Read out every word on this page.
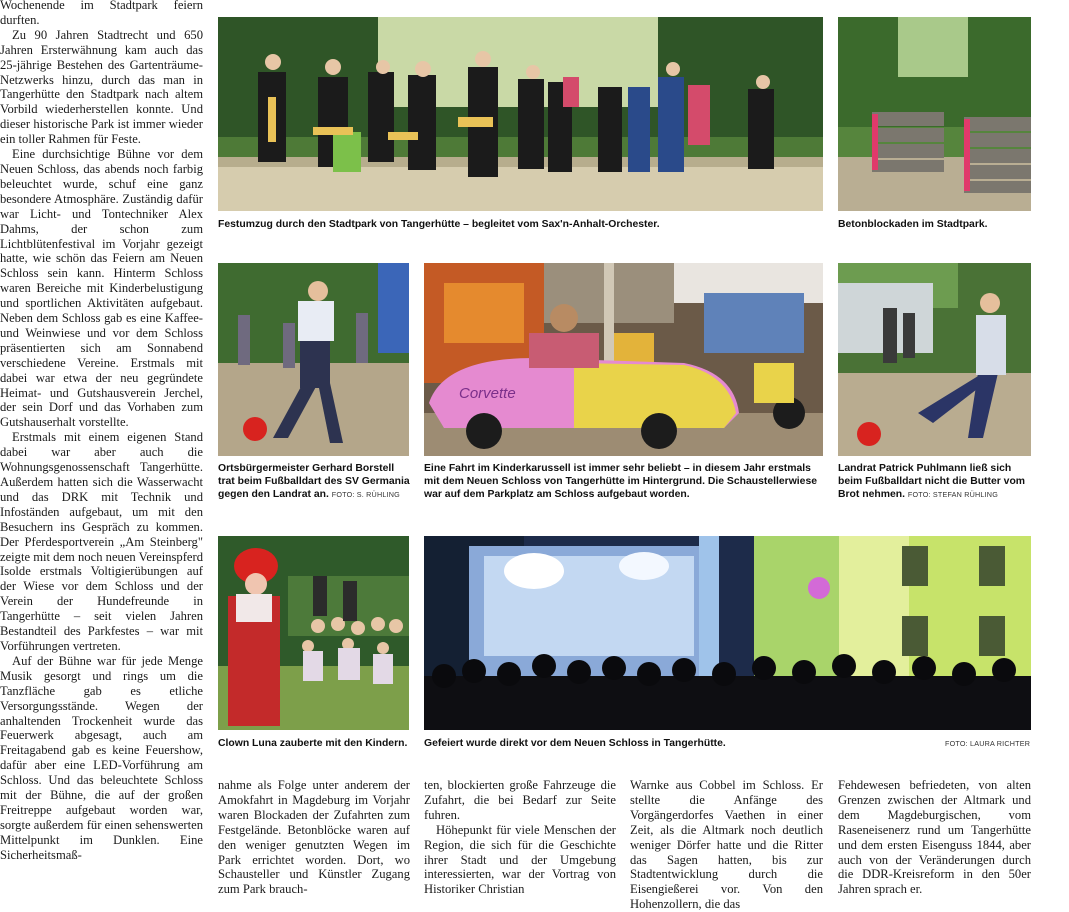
Wochenende im Stadtpark feiern durften.

Zu 90 Jahren Stadtrecht und 650 Jahren Ersterwähnung kam auch das 25-jährige Bestehen des Gartenträume-Netzwerks hinzu, durch das man in Tangerhütte den Stadtpark nach altem Vorbild wiederherstellen konnte. Und dieser historische Park ist immer wieder ein toller Rahmen für Feste.

Eine durchsichtige Bühne vor dem Neuen Schloss, das abends noch farbig beleuchtet wurde, schuf eine ganz besondere Atmosphäre. Zuständig dafür war Licht- und Tontechniker Alex Dahms, der schon zum Lichtblütenfestival im Vorjahr gezeigt hatte, wie schön das Feiern am Neuen Schloss sein kann. Hinterm Schloss waren Bereiche mit Kinderbelustigung und sportlichen Aktivitäten aufgebaut. Neben dem Schloss gab es eine Kaffee- und Weinwiese und vor dem Schloss präsentierten sich am Sonnabend verschiedene Vereine. Erstmals mit dabei war etwa der neu gegründete Heimat- und Gutshausverein Jerchel, der sein Dorf und das Vorhaben zum Gutshauserhalt vorstellte.

Erstmals mit einem eigenen Stand dabei war aber auch die Wohnungsgenossenschaft Tangerhütte. Außerdem hatten sich die Wasserwacht und das DRK mit Technik und Infoständen aufgebaut, um mit den Besuchern ins Gespräch zu kommen. Der Pferdesportverein „Am Steinberg" zeigte mit dem noch neuen Vereinspferd Isolde erstmals Voltigierübungen auf der Wiese vor dem Schloss und der Verein der Hundefreunde in Tangerhütte – seit vielen Jahren Bestandteil des Parkfestes – war mit Vorführungen vertreten.

Auf der Bühne war für jede Menge Musik gesorgt und rings um die Tanzfläche gab es etliche Versorgungsstände. Wegen der anhaltenden Trockenheit wurde das Feuerwerk abgesagt, auch am Freitagabend gab es keine Feuershow, dafür aber eine LED-Vorführung am Schloss. Und das beleuchtete Schloss mit der Bühne, die auf der großen Freitreppe aufgebaut worden war, sorgte außerdem für einen sehenswerten Mittelpunkt im Dunklen. Eine Sicherheitsmaß-

Festumzug durch den Stadtpark von Tangerhütte – begleitet vom Sax'n-Anhalt-Orchester.	Betonblockaden im Stadtpark.
Ortsbürgermeister Gerhard Borstell trat beim Fußballdart des SV Germania gegen den Landrat an. FOTO: S. RÜHLING
Corvette
Eine Fahrt im Kinderkarussell ist immer sehr beliebt – in diesem Jahr erstmals mit dem Neuen Schloss von Tangerhütte im Hintergrund. Die Schaustellerwiese war auf dem Parkplatz am Schloss aufgebaut worden.
Landrat Patrick Puhlmann ließ sich beim Fußballdart nicht die Butter vom Brot nehmen. FOTO: STEFAN RÜHLING
Clown Luna zauberte mit den Kindern.	Gefeiert wurde direkt vor dem Neuen Schloss in Tangerhütte.	FOTO: LAURA RICHTER

nahme als Folge unter anderem der Amokfahrt in Magdeburg im Vorjahr waren Blockaden der Zufahrten zum Festgelände. Betonblöcke waren auf den weniger genutzten Wegen im Park errichtet worden. Dort, wo Schausteller und Künstler Zugang zum Park brauch-

ten, blockierten große Fahrzeuge die Zufahrt, die bei Bedarf zur Seite fuhren.

Höhepunkt für viele Menschen der Region, die sich für die Geschichte ihrer Stadt und der Umgebung interessierten, war der Vortrag von Historiker Christian

Warnke aus Cobbel im Schloss. Er stellte die Anfänge des Vorgängerdorfes Vaethen in einer Zeit, als die Altmark noch deutlich weniger Dörfer hatte und die Ritter das Sagen hatten, bis zur Stadtentwicklung durch die Eisengießerei vor. Von den Hohenzollern, die das

Fehdewesen befriedeten, von alten Grenzen zwischen der Altmark und dem Magdeburgischen, vom Raseneisenerz rund um Tangerhütte und dem ersten Eisenguss 1844, aber auch von der Veränderungen durch die DDR-Kreisreform in den 50er Jahren sprach er.
